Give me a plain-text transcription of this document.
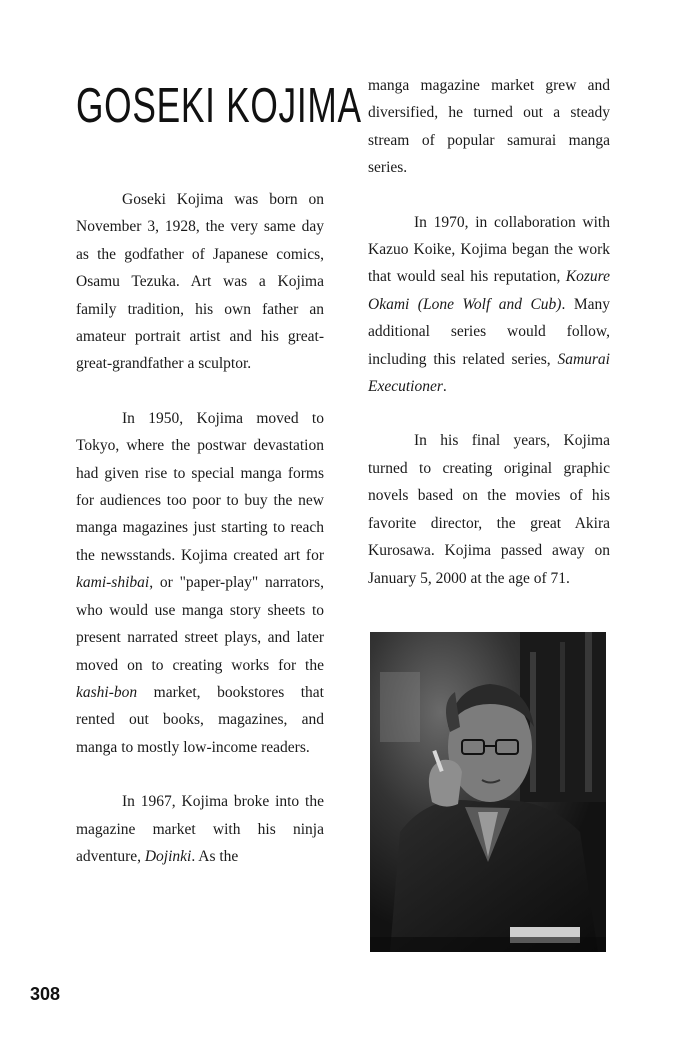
GOSEKI KOJIMA

Goseki Kojima was born on November 3, 1928, the very same day as the godfather of Japanese comics, Osamu Tezuka. Art was a Kojima family tradition, his own father an amateur portrait artist and his great-great-grandfather a sculptor.

In 1950, Kojima moved to Tokyo, where the postwar devastation had given rise to special manga forms for audiences too poor to buy the new manga magazines just starting to reach the newsstands. Kojima created art for kami-shibai, or "paper-play" narrators, who would use manga story sheets to present narrated street plays, and later moved on to creating works for the kashi-bon market, bookstores that rented out books, magazines, and manga to mostly low-income readers.

In 1967, Kojima broke into the magazine market with his ninja adventure, Dojinki. As the

manga magazine market grew and diversified, he turned out a steady stream of popular samurai manga series.

In 1970, in collaboration with Kazuo Koike, Kojima began the work that would seal his reputation, Kozure Okami (Lone Wolf and Cub). Many additional series would follow, including this related series, Samurai Executioner.

In his final years, Kojima turned to creating original graphic novels based on the movies of his favorite director, the great Akira Kurosawa. Kojima passed away on January 5, 2000 at the age of 71.

308
